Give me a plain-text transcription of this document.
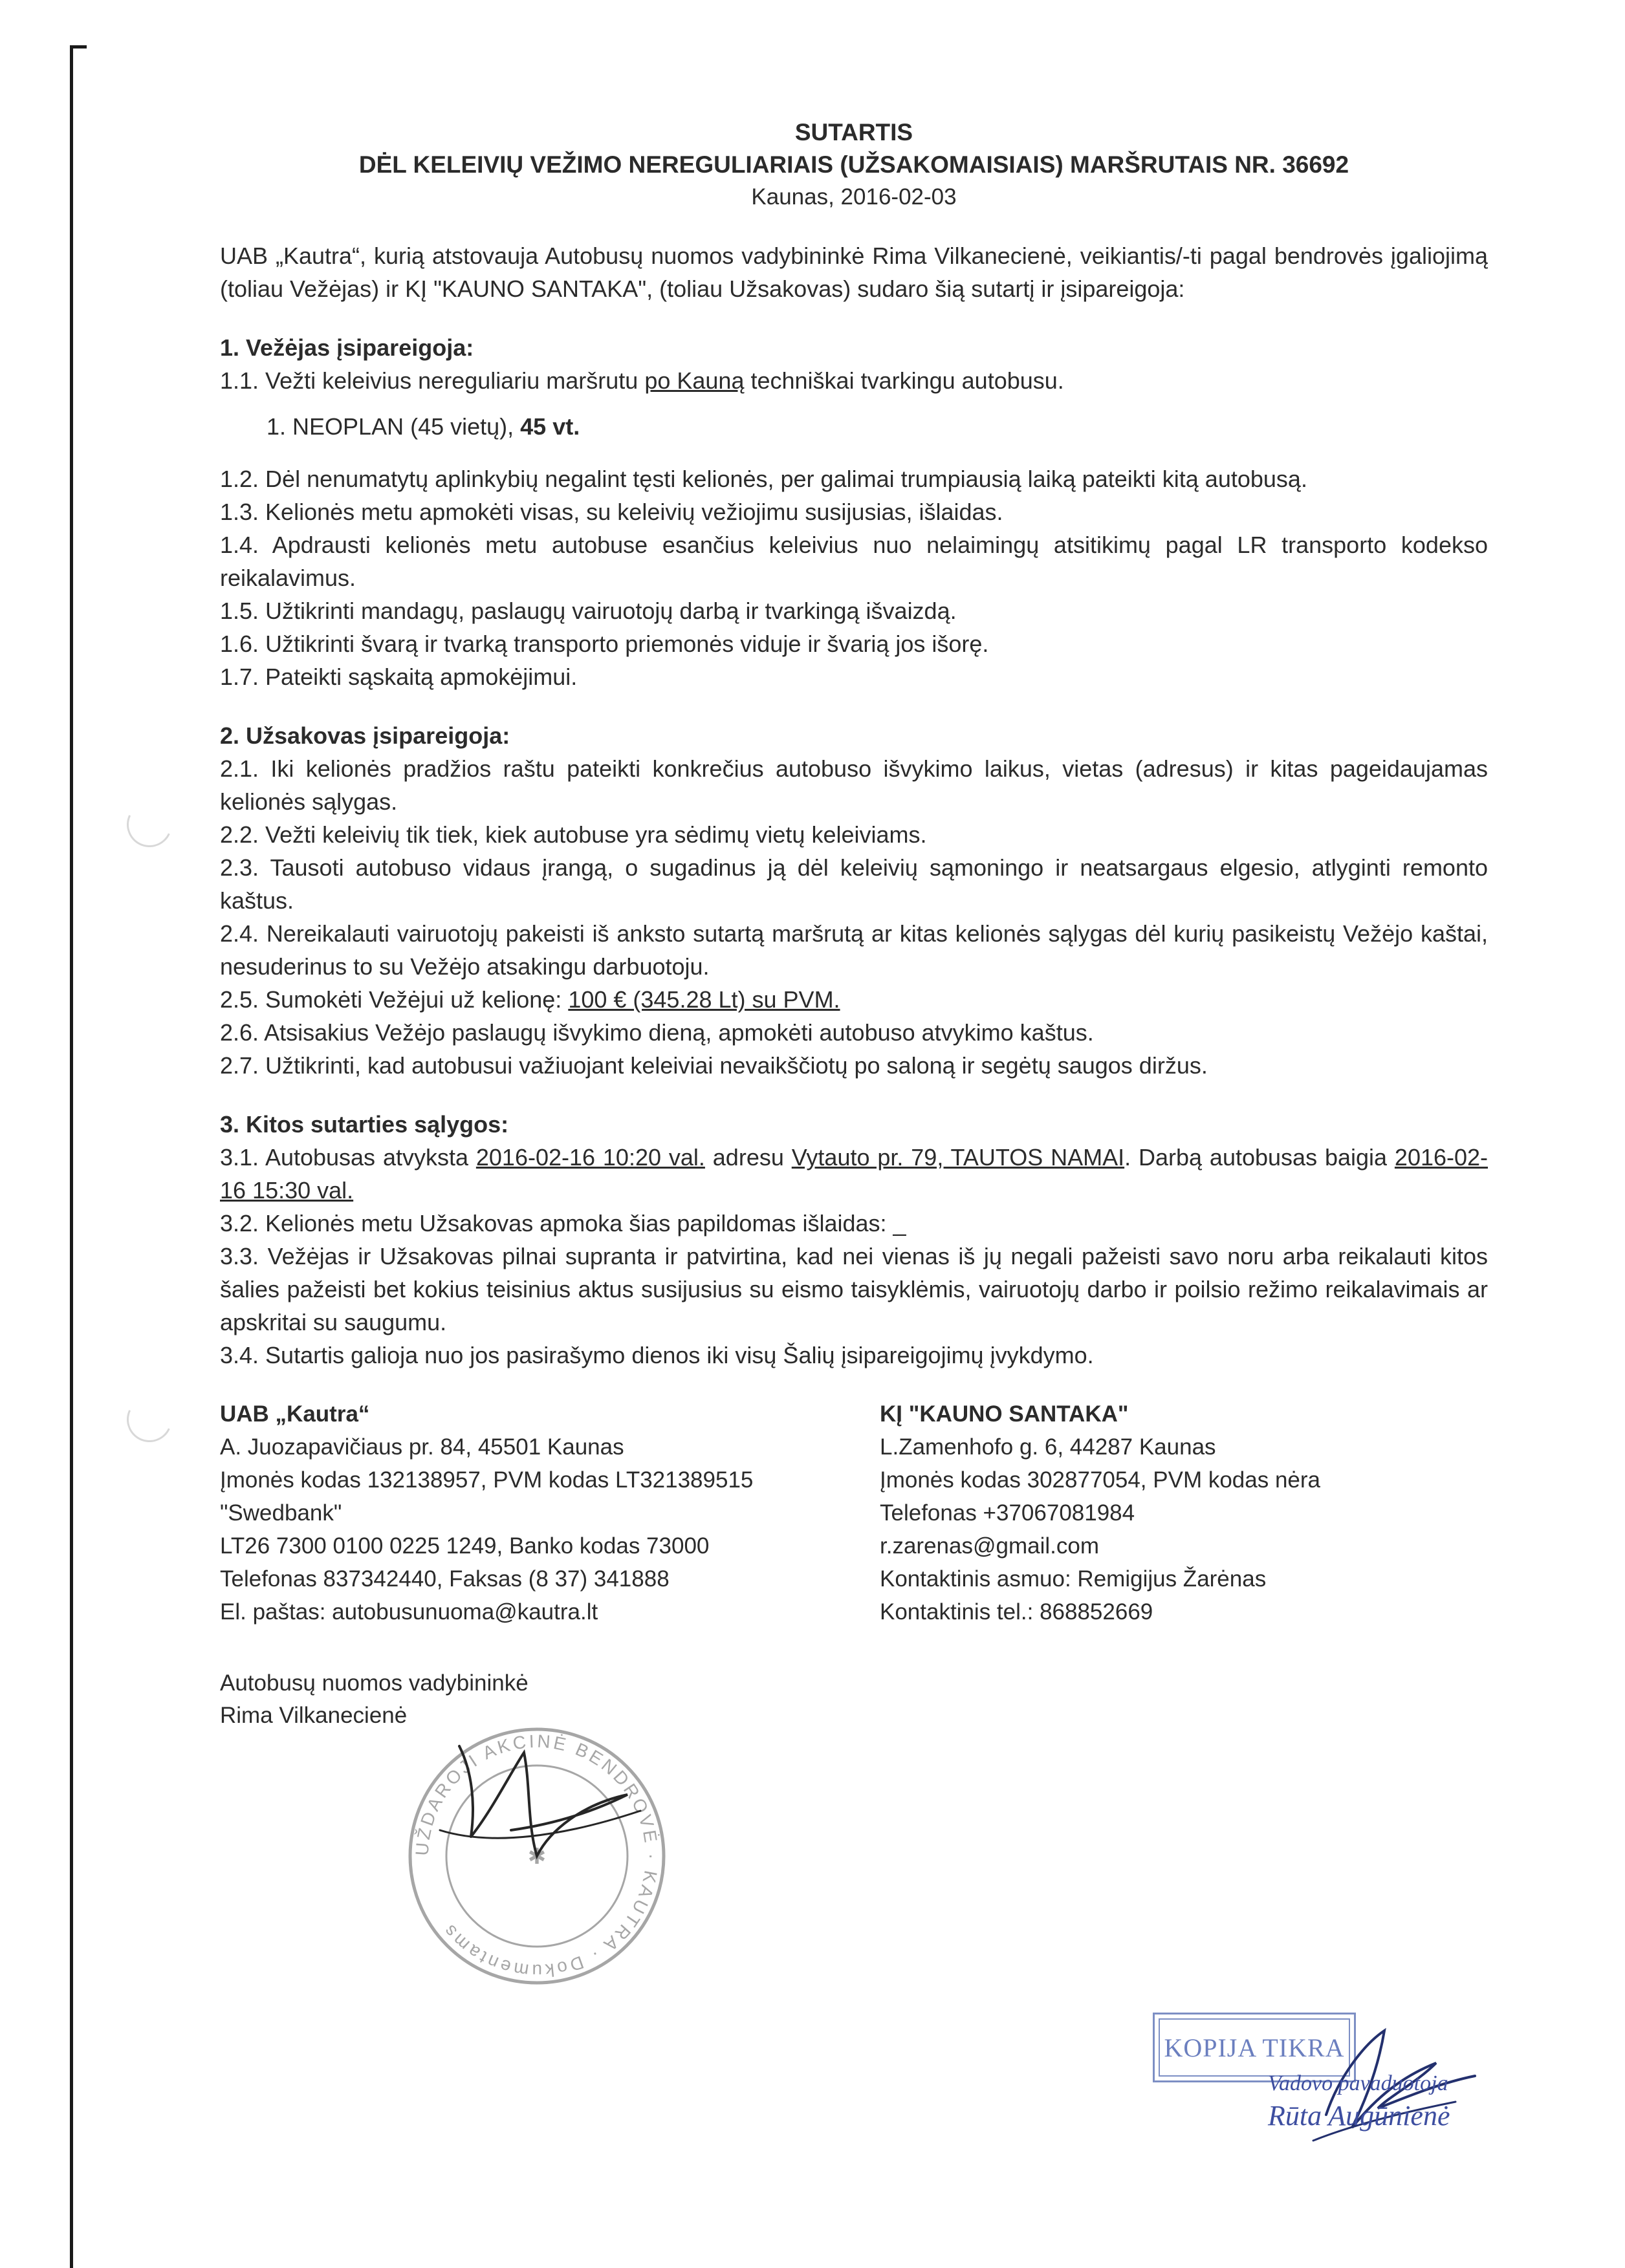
SUTARTIS
DĖL KELEIVIŲ VEŽIMO NEREGULIARIAIS (UŽSAKOMAISIAIS) MARŠRUTAIS NR. 36692
Kaunas, 2016-02-03
UAB „Kautra“, kurią atstovauja Autobusų nuomos vadybininkė Rima Vilkanecienė, veikiantis/-ti pagal bendrovės įgaliojimą (toliau Vežėjas) ir KĮ "KAUNO SANTAKA", (toliau Užsakovas) sudaro šią sutartį ir įsipareigoja:
1. Vežėjas įsipareigoja:
1.1. Vežti keleivius nereguliariu maršrutu po Kauną techniškai tvarkingu autobusu.
1. NEOPLAN (45 vietų), 45 vt.
1.2. Dėl nenumatytų aplinkybių negalint tęsti kelionės, per galimai trumpiausią laiką pateikti kitą autobusą.
1.3. Kelionės metu apmokėti visas, su keleivių vežiojimu susijusias, išlaidas.
1.4. Apdrausti kelionės metu autobuse esančius keleivius nuo nelaimingų atsitikimų pagal LR transporto kodekso reikalavimus.
1.5. Užtikrinti mandagų, paslaugų vairuotojų darbą ir tvarkingą išvaizdą.
1.6. Užtikrinti švarą ir tvarką transporto priemonės viduje ir švarią jos išorę.
1.7. Pateikti sąskaitą apmokėjimui.
2. Užsakovas įsipareigoja:
2.1. Iki kelionės pradžios raštu pateikti konkrečius autobuso išvykimo laikus, vietas (adresus) ir kitas pageidaujamas kelionės sąlygas.
2.2. Vežti keleivių tik tiek, kiek autobuse yra sėdimų vietų keleiviams.
2.3. Tausoti autobuso vidaus įrangą, o sugadinus ją dėl keleivių sąmoningo ir neatsargaus elgesio, atlyginti remonto kaštus.
2.4. Nereikalauti vairuotojų pakeisti iš anksto sutartą maršrutą ar kitas kelionės sąlygas dėl kurių pasikeistų Vežėjo kaštai, nesuderinus to su Vežėjo atsakingu darbuotoju.
2.5. Sumokėti Vežėjui už kelionę: 100 € (345.28 Lt) su PVM.
2.6. Atsisakius Vežėjo paslaugų išvykimo dieną, apmokėti autobuso atvykimo kaštus.
2.7. Užtikrinti, kad autobusui važiuojant keleiviai nevaikščiotų po saloną ir segėtų saugos diržus.
3. Kitos sutarties sąlygos:
3.1. Autobusas atvyksta 2016-02-16 10:20 val. adresu Vytauto pr. 79, TAUTOS NAMAI. Darbą autobusas baigia 2016-02-16 15:30 val.
3.2. Kelionės metu Užsakovas apmoka šias papildomas išlaidas: _
3.3. Vežėjas ir Užsakovas pilnai supranta ir patvirtina, kad nei vienas iš jų negali pažeisti savo noru arba reikalauti kitos šalies pažeisti bet kokius teisinius aktus susijusius su eismo taisyklėmis, vairuotojų darbo ir poilsio režimo reikalavimais ar apskritai su saugumu.
3.4. Sutartis galioja nuo jos pasirašymo dienos iki visų Šalių įsipareigojimų įvykdymo.
UAB „Kautra“
A. Juozapavičiaus pr. 84, 45501 Kaunas
Įmonės kodas 132138957, PVM kodas LT321389515
"Swedbank"
LT26 7300 0100 0225 1249, Banko kodas 73000
Telefonas 837342440, Faksas (8 37) 341888
El. paštas: autobusunuoma@kautra.lt
KĮ "KAUNO SANTAKA"
L.Zamenhofo g. 6, 44287 Kaunas
Įmonės kodas 302877054, PVM kodas nėra
Telefonas +37067081984
r.zarenas@gmail.com
Kontaktinis asmuo: Remigijus Žarėnas
Kontaktinis tel.: 868852669
Autobusų nuomos vadybininkė
Rima Vilkanecienė
UŽDAROJI AKCINĖ BENDROVĖ · KAUTRA · Dokumentams
✱
KOPIJA TIKRA
Vadovo pavaduotoja
Rūta Augūnienė
